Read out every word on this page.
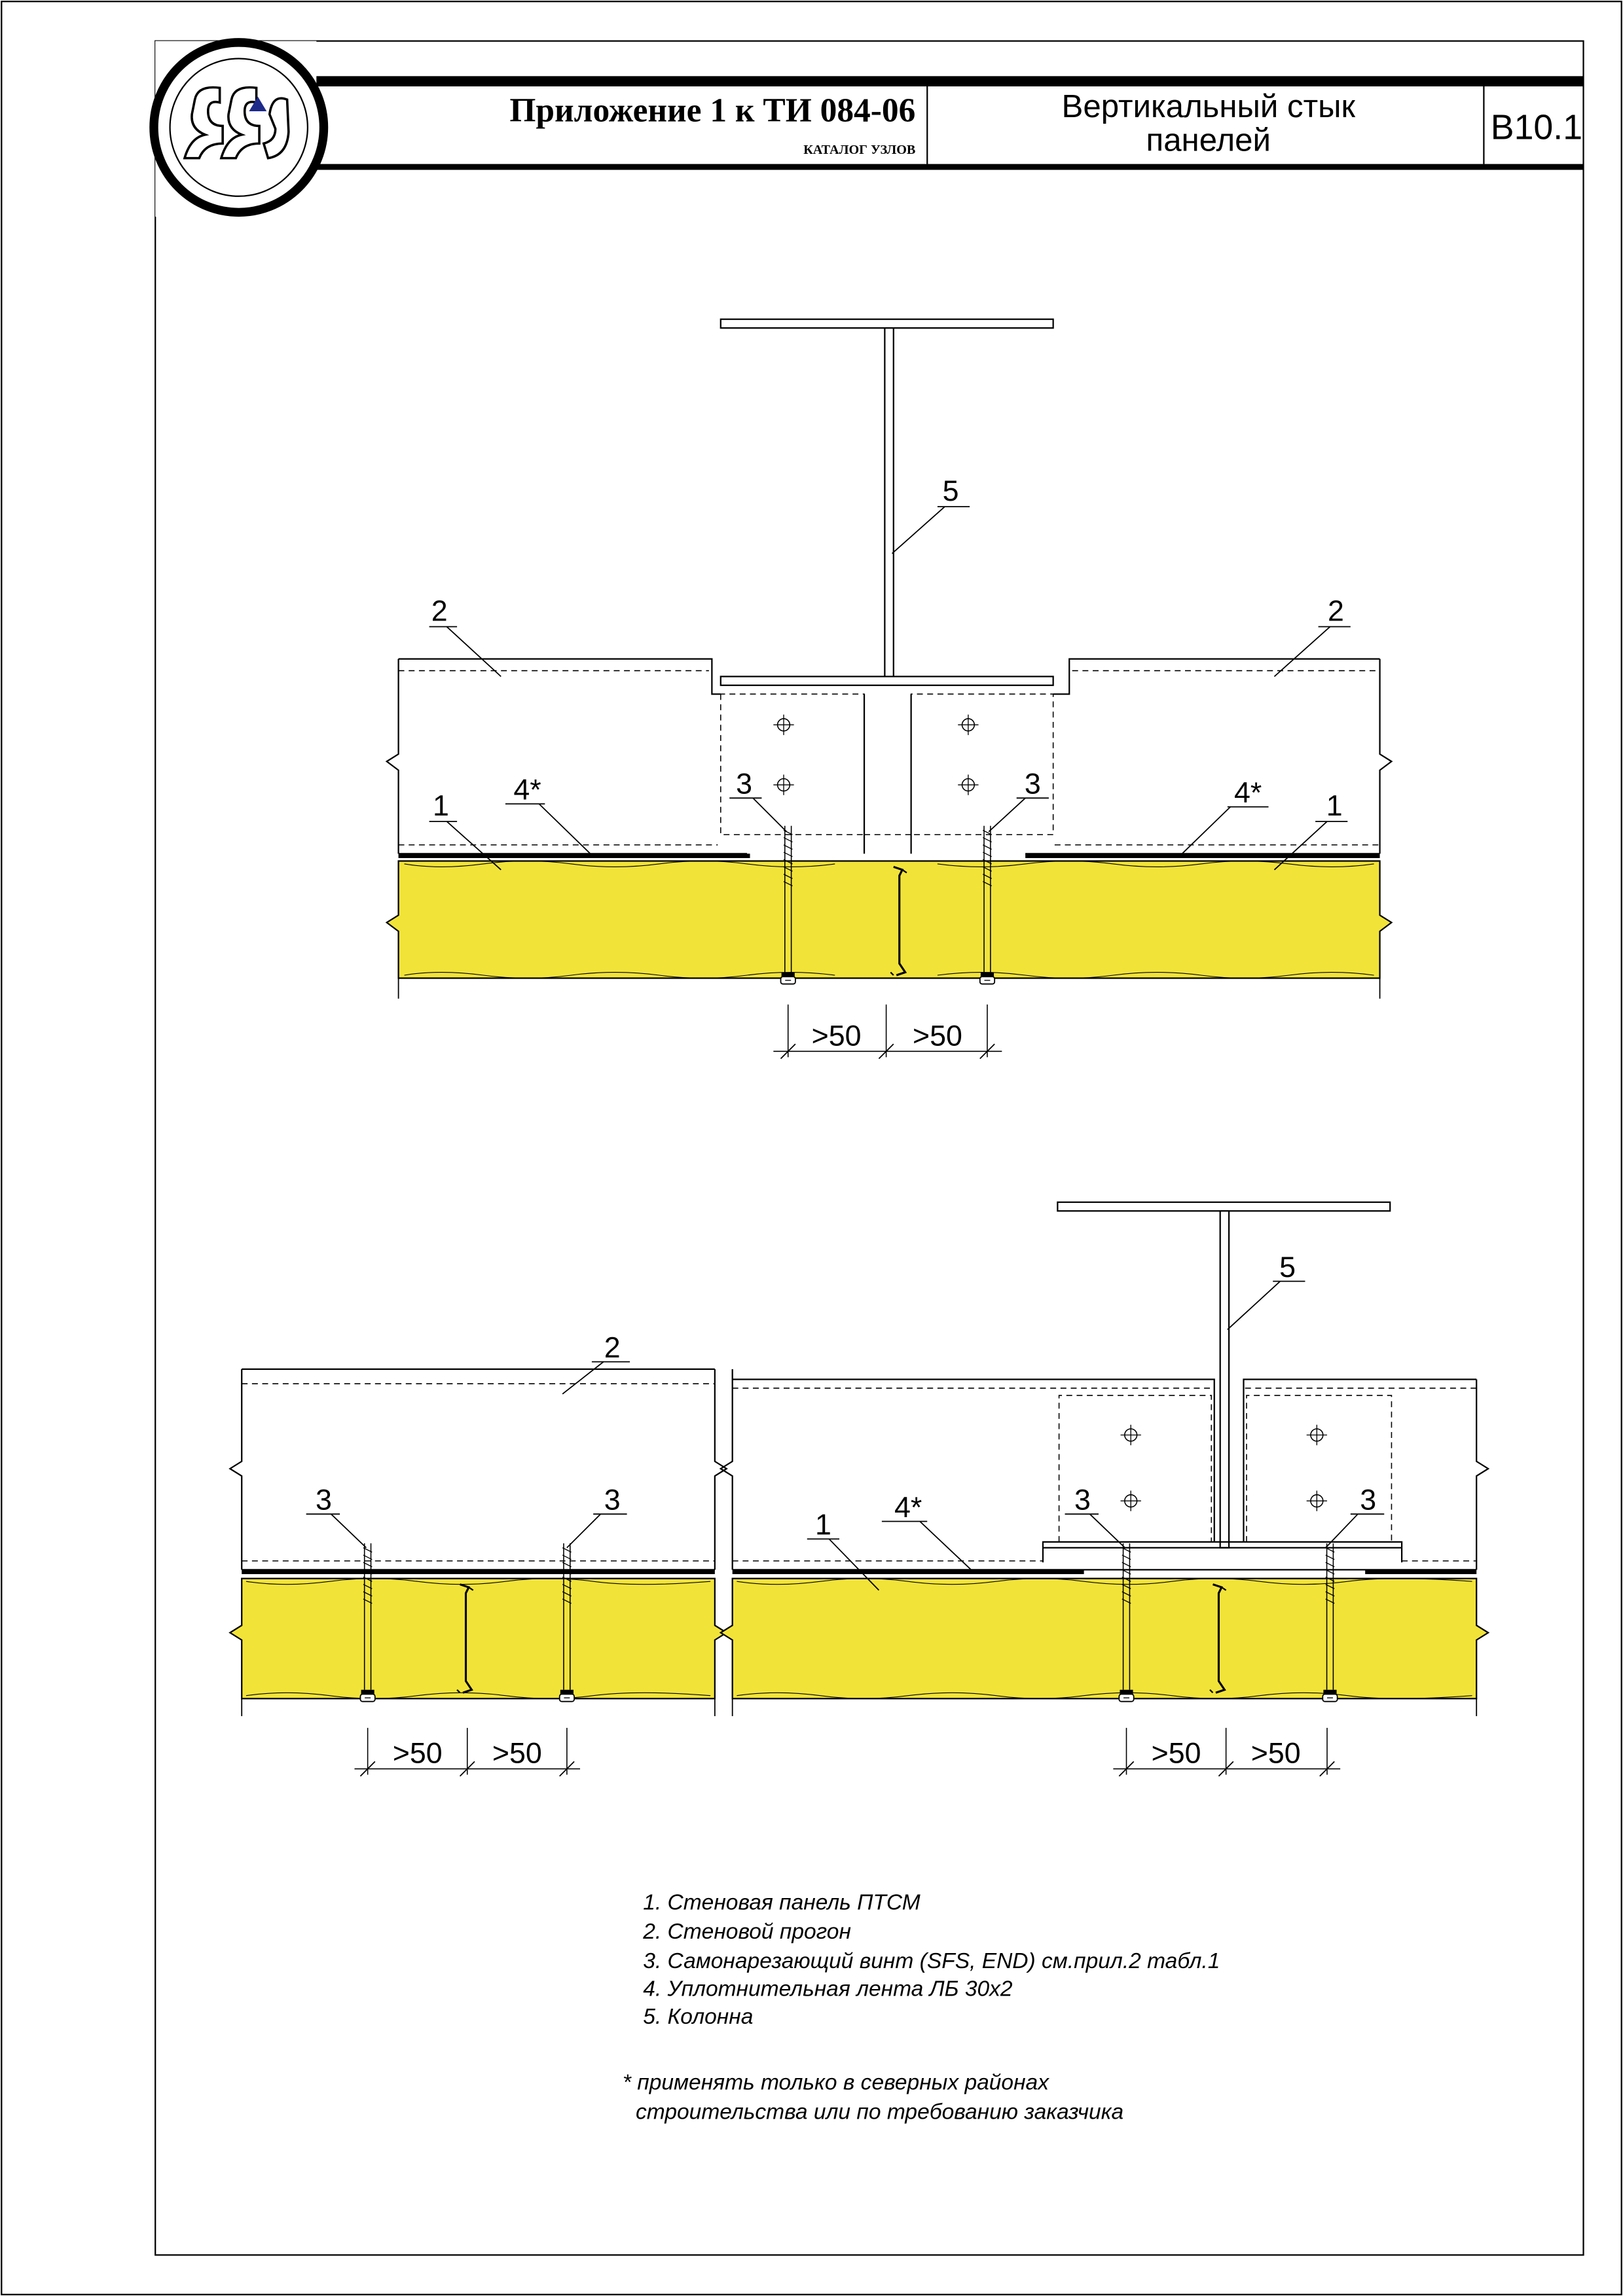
Приложение 1 к ТИ 084-06
КАТАЛОГ УЗЛОВ
Вертикальный стык
панелей	В10.1
>50	>50
5
2	2
1	1
4*	4*
3	3
>50	>50	>50	>50
5
2
3	3	3	3
1
4*
1. Стеновая панель ПТСМ
2. Стеновой прогон
3. Самонарезающий винт (SFS, END) см.прил.2 табл.1
4. Уплотнительная лента ЛБ 30х2
5. Колонна
* применять только в северных районах
строительства или по требованию заказчика
